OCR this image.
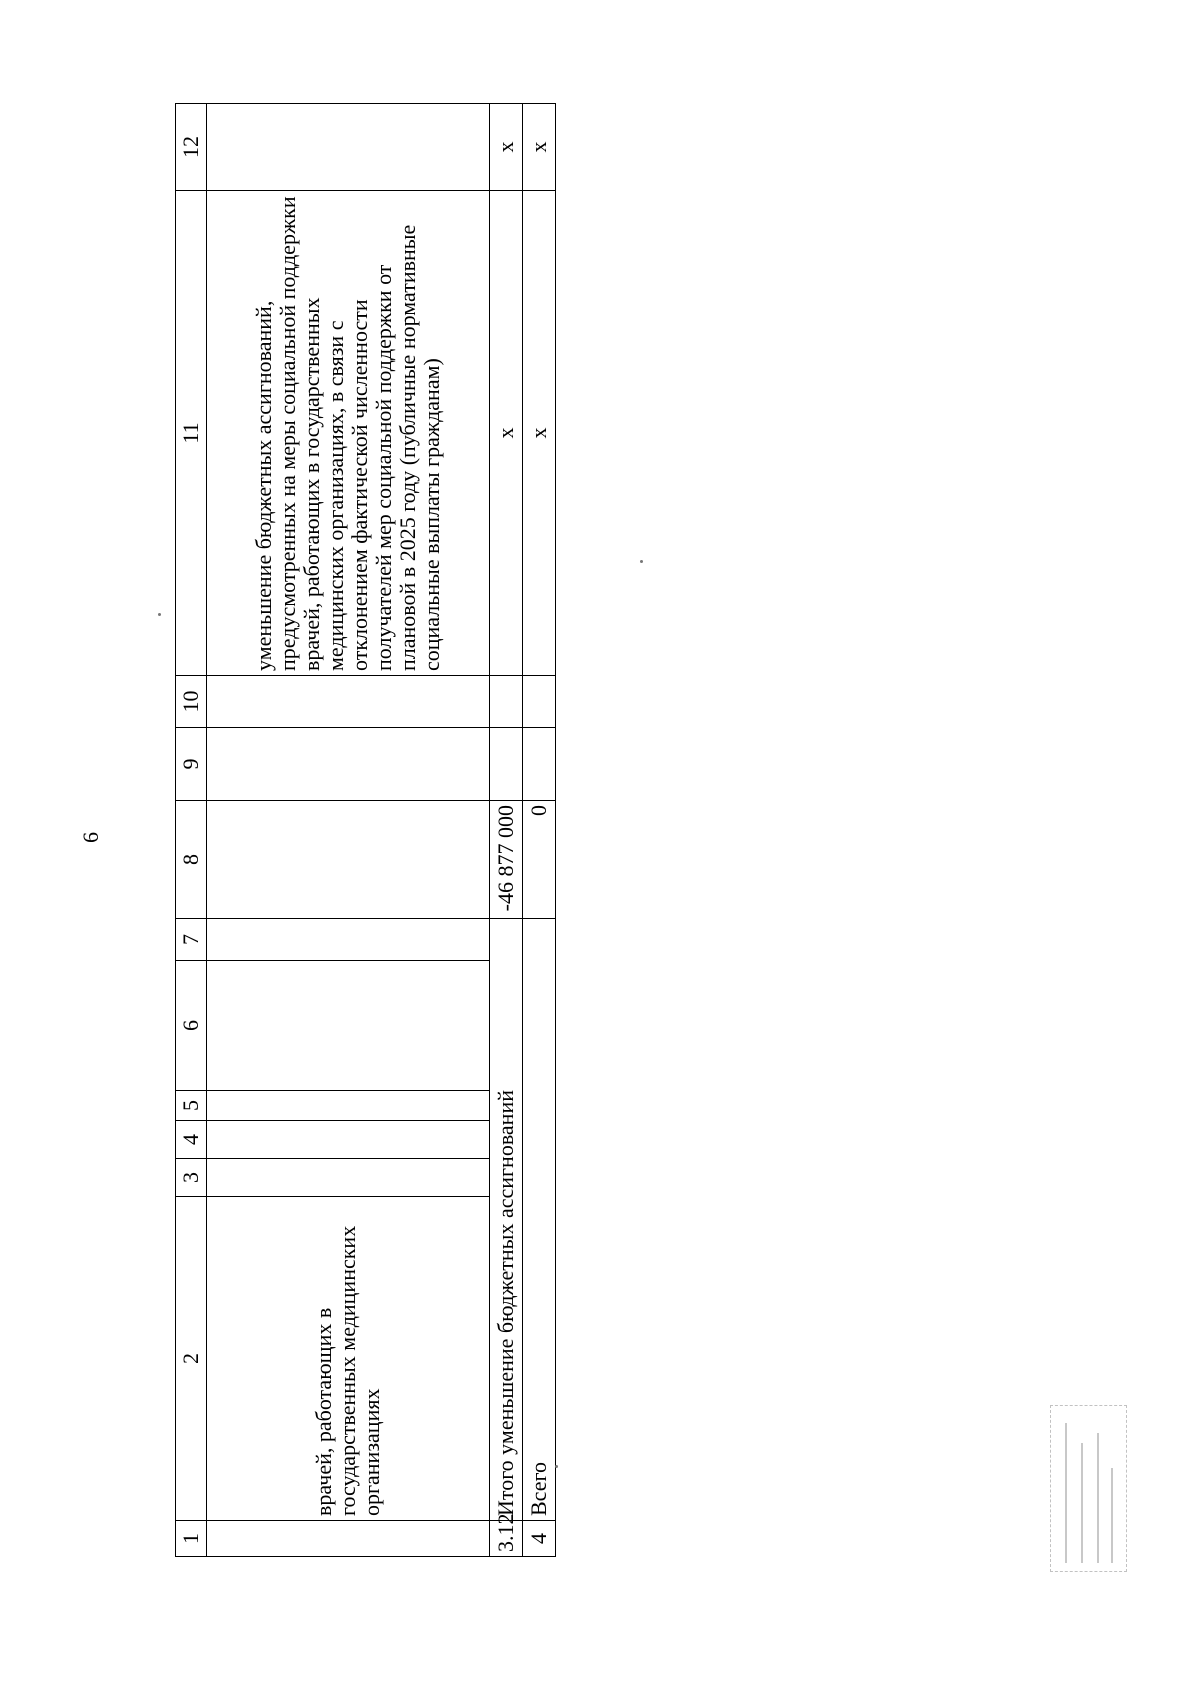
6
1	2	3	4	5	6	7	8	9	10	11	12
	врачей, работающих в государственных медицинских организациях									уменьшение бюджетных ассигнований, предусмотренных на меры социальной поддержки врачей, работающих в государственных медицинских организациях, в связи с отклонением фактической численности получателей мер социальной поддержки от плановой в 2025 году (публичные нормативные социальные выплаты гражданам)	
3.12	Итого уменьшение бюджетных ассигнований						-46 877 000			x	x
4	Всего						0			x	x
